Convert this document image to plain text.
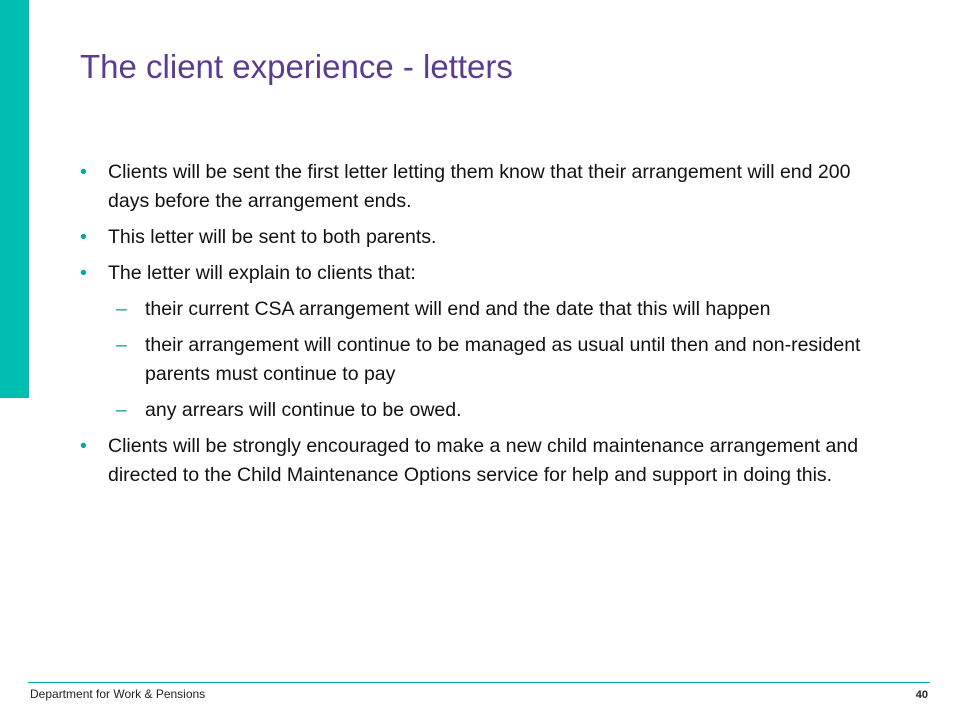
The client experience - letters
• Clients will be sent the first letter letting them know that their arrangement will end 200 days before the arrangement ends.
• This letter will be sent to both parents.
• The letter will explain to clients that:
– their current CSA arrangement will end and the date that this will happen
– their arrangement will continue to be managed as usual until then and non-resident parents must continue to pay
– any arrears will continue to be owed.
• Clients will be strongly encouraged to make a new child maintenance arrangement and directed to the Child Maintenance Options service for help and support in doing this.
Department for Work & Pensions	40
